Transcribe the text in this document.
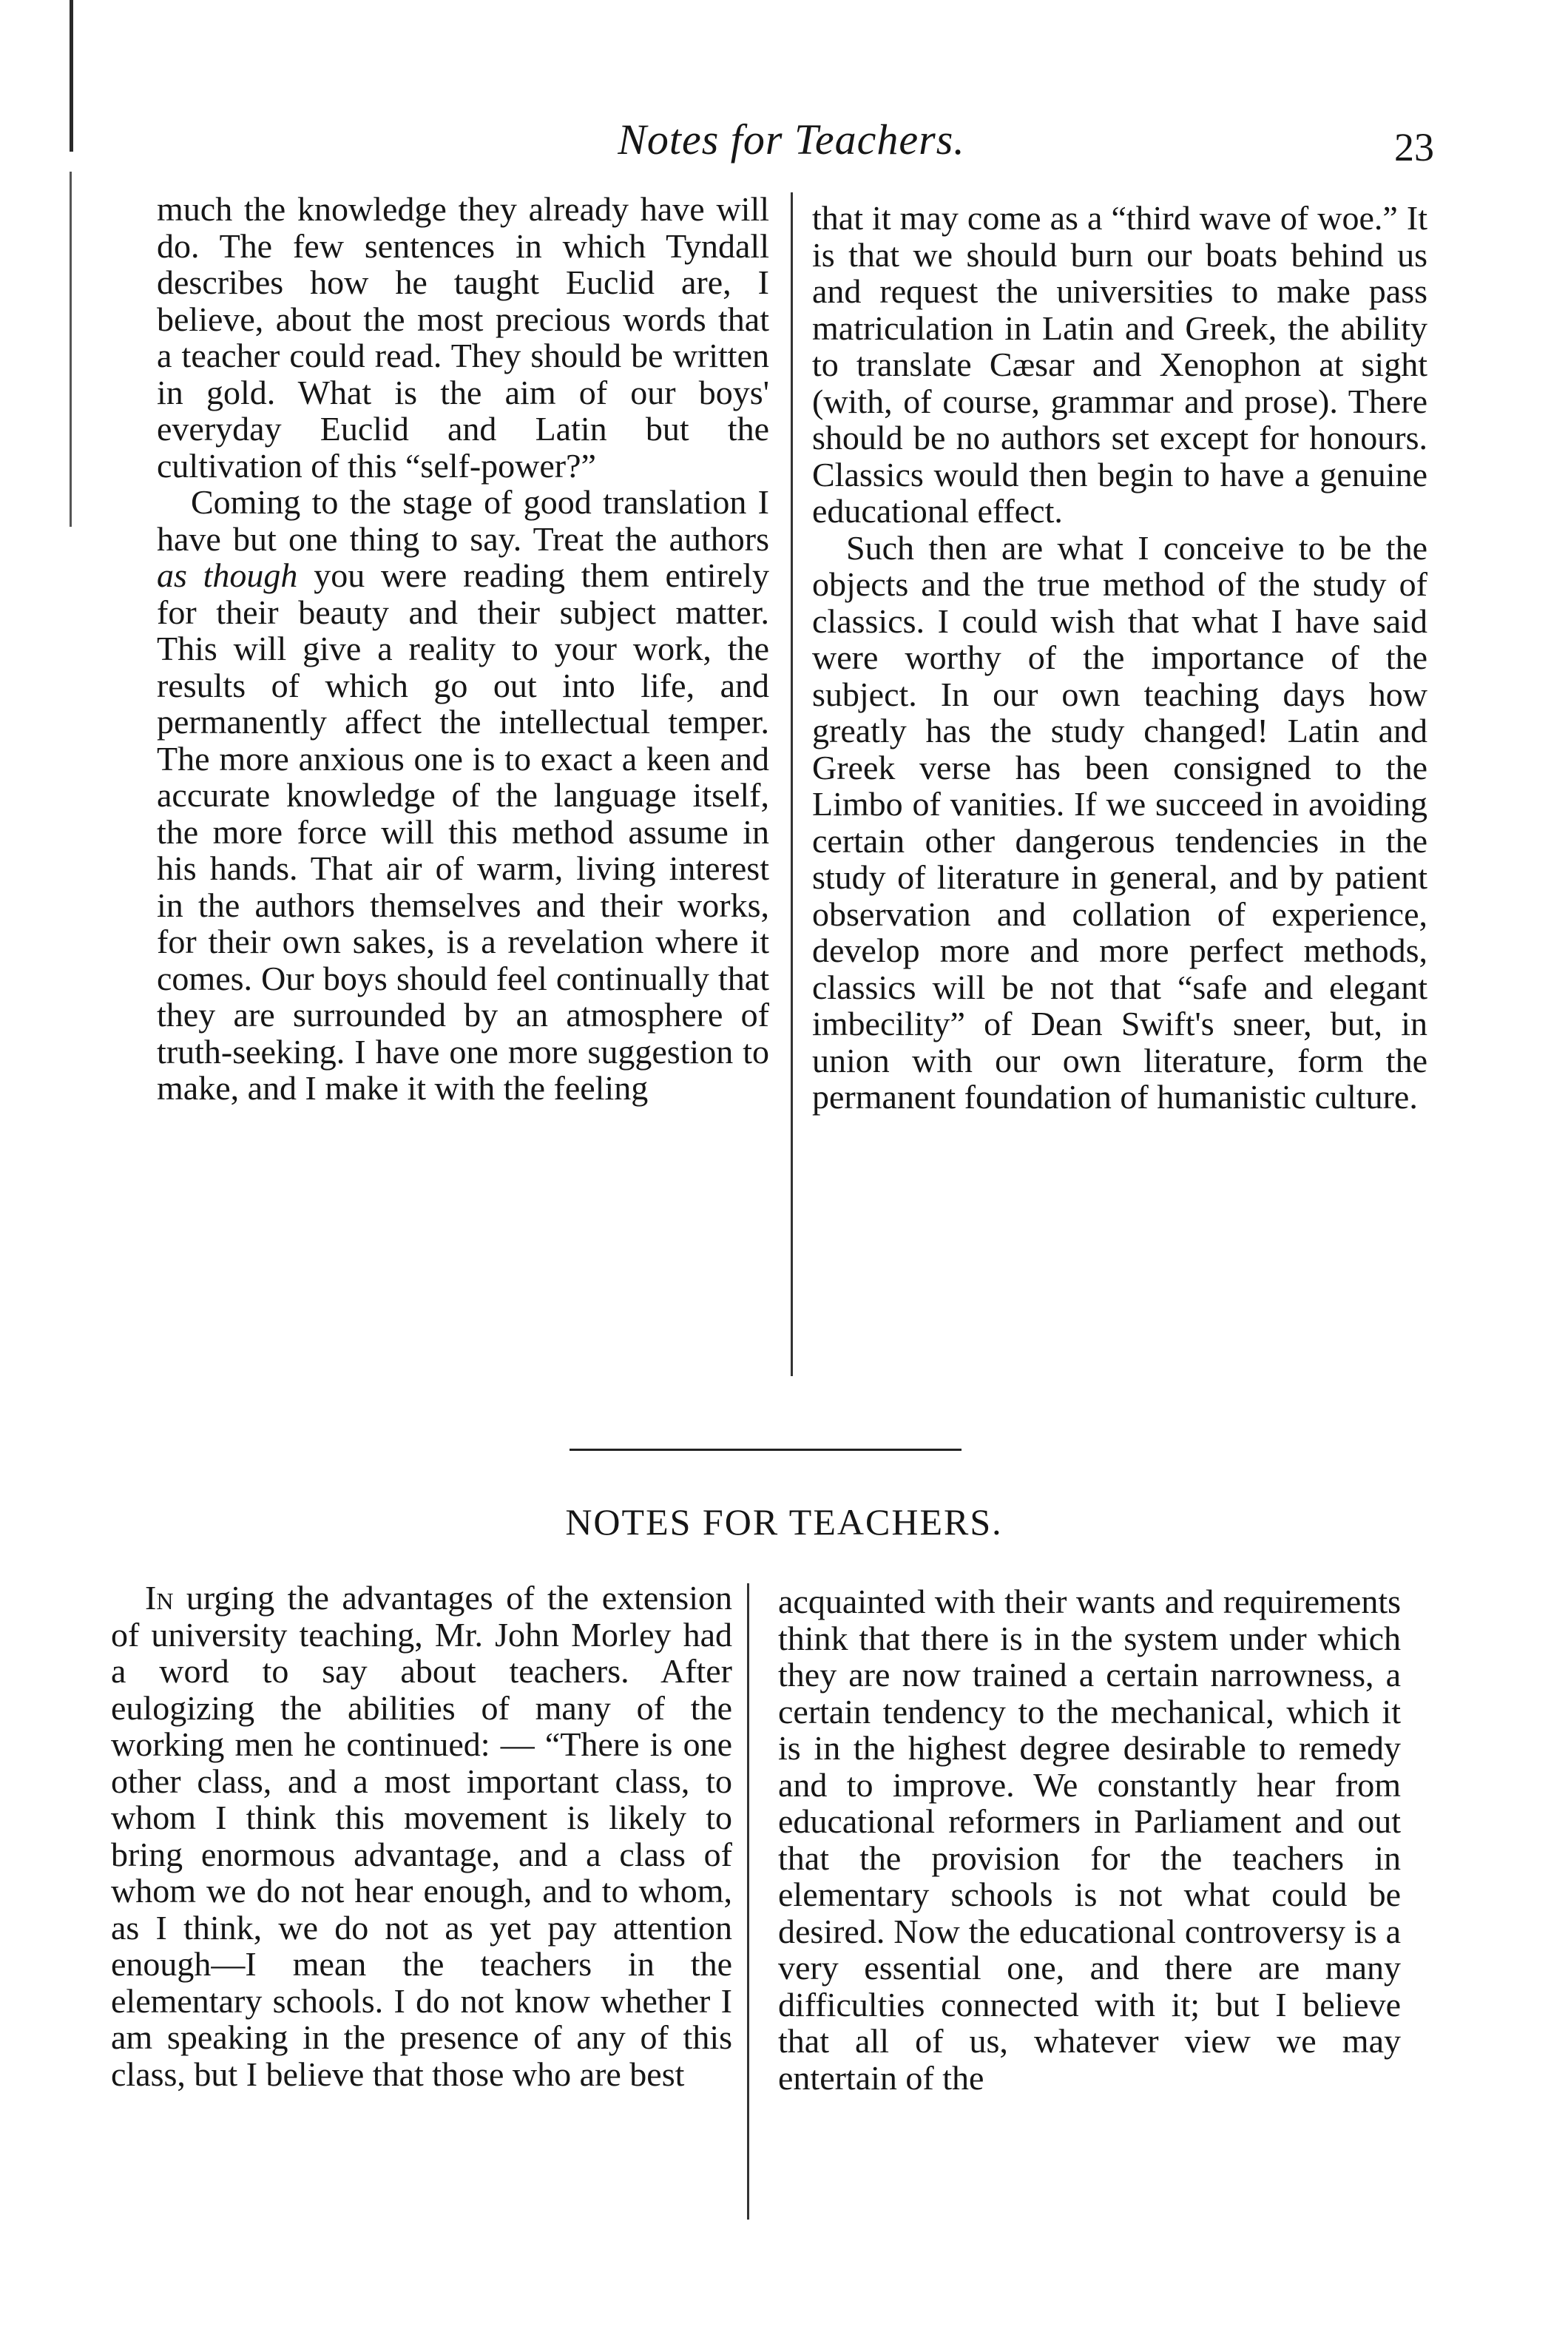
Notes for Teachers.	23

much the knowledge they already have will do. The few sentences in which Tyndall describes how he taught Euclid are, I believe, about the most precious words that a teacher could read. They should be written in gold. What is the aim of our boys' everyday Euclid and Latin but the cultivation of this “self-power?”

Coming to the stage of good translation I have but one thing to say. Treat the authors as though you were reading them entirely for their beauty and their subject matter. This will give a reality to your work, the results of which go out into life, and permanently affect the intellectual temper. The more anxious one is to exact a keen and accurate knowledge of the language itself, the more force will this method assume in his hands. That air of warm, living interest in the authors themselves and their works, for their own sakes, is a revelation where it comes. Our boys should feel continually that they are surrounded by an atmosphere of truth-seeking. I have one more suggestion to make, and I make it with the feeling

that it may come as a “third wave of woe.” It is that we should burn our boats behind us and request the universities to make pass matriculation in Latin and Greek, the ability to translate Cæsar and Xenophon at sight (with, of course, grammar and prose). There should be no authors set except for honours. Classics would then begin to have a genuine educational effect.

Such then are what I conceive to be the objects and the true method of the study of classics. I could wish that what I have said were worthy of the importance of the subject. In our own teaching days how greatly has the study changed! Latin and Greek verse has been consigned to the Limbo of vanities. If we succeed in avoiding certain other dangerous tendencies in the study of literature in general, and by patient observation and collation of experience, develop more and more perfect methods, classics will be not that “safe and elegant imbecility” of Dean Swift's sneer, but, in union with our own literature, form the permanent foundation of humanistic culture.

NOTES FOR TEACHERS.

In urging the advantages of the extension of university teaching, Mr. John Morley had a word to say about teachers. After eulogizing the abilities of many of the working men he continued: — “There is one other class, and a most important class, to whom I think this movement is likely to bring enormous advantage, and a class of whom we do not hear enough, and to whom, as I think, we do not as yet pay attention enough—I mean the teachers in the elementary schools. I do not know whether I am speaking in the presence of any of this class, but I believe that those who are best

acquainted with their wants and requirements think that there is in the system under which they are now trained a certain narrowness, a certain tendency to the mechanical, which it is in the highest degree desirable to remedy and to improve. We constantly hear from educational reformers in Parliament and out that the provision for the teachers in elementary schools is not what could be desired. Now the educational controversy is a very essential one, and there are many difficulties connected with it; but I believe that all of us, whatever view we may entertain of the
